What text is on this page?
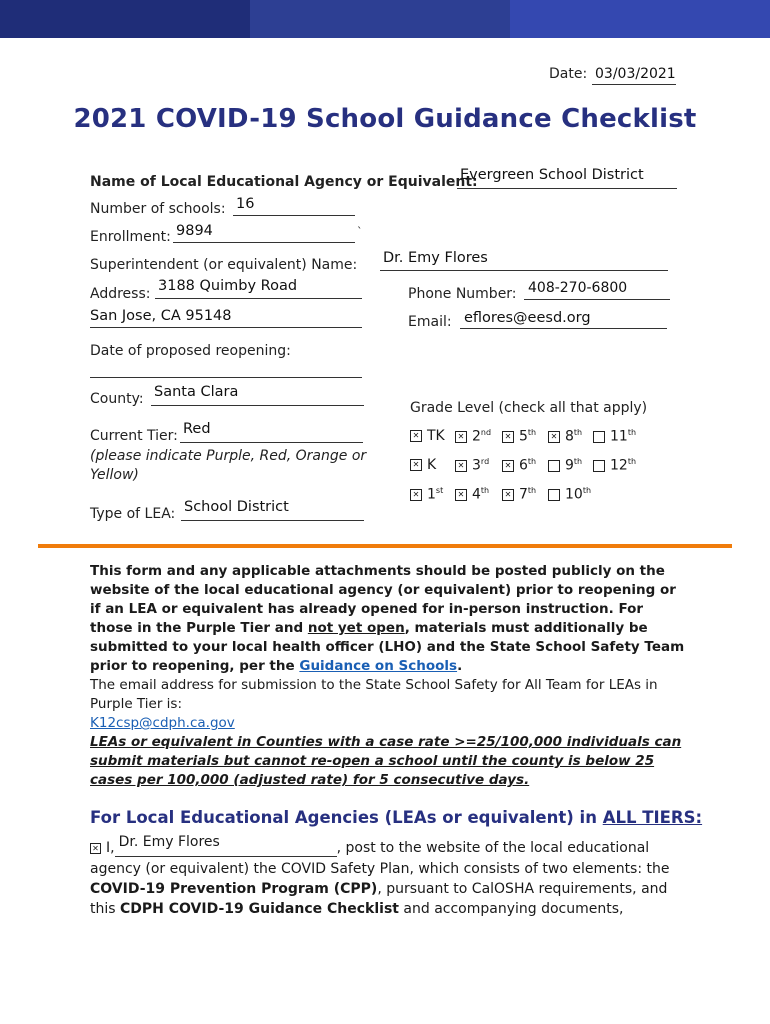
Date: 03/03/2021
2021 COVID-19 School Guidance Checklist
Name of Local Educational Agency or Equivalent:
Evergreen School District
Number of schools: 16
Enrollment: 9894	`
Superintendent (or equivalent) Name: Dr. Emy Flores
Address: 3188 Quimby Road
San Jose, CA 95148
Phone Number: 408-270-6800
Email: eflores@eesd.org
Date of proposed reopening:
County: Santa Clara
Current Tier: Red
(please indicate Purple, Red, Orange or Yellow)
Type of LEA: School District
Grade Level (check all that apply)
✕ TK	✕ 2nd	✕ 5th	✕ 8th	11th
✕ K	✕ 3rd	✕ 6th	9th	12th
✕ 1st	✕ 4th	✕ 7th	10th
This form and any applicable attachments should be posted publicly on the website of the local educational agency (or equivalent) prior to reopening or if an LEA or equivalent has already opened for in-person instruction. For those in the Purple Tier and not yet open, materials must additionally be submitted to your local health officer (LHO) and the State School Safety Team prior to reopening, per the Guidance on Schools.
The email address for submission to the State School Safety for All Team for LEAs in Purple Tier is:
K12csp@cdph.ca.gov
LEAs or equivalent in Counties with a case rate >=25/100,000 individuals can submit materials but cannot re-open a school until the county is below 25 cases per 100,000 (adjusted rate) for 5 consecutive days.
For Local Educational Agencies (LEAs or equivalent) in ALL TIERS:
✕ I, Dr. Emy Flores	, post to the website of the local educational agency (or equivalent) the COVID Safety Plan, which consists of two elements: the COVID-19 Prevention Program (CPP), pursuant to CalOSHA requirements, and this CDPH COVID-19 Guidance Checklist and accompanying documents,
